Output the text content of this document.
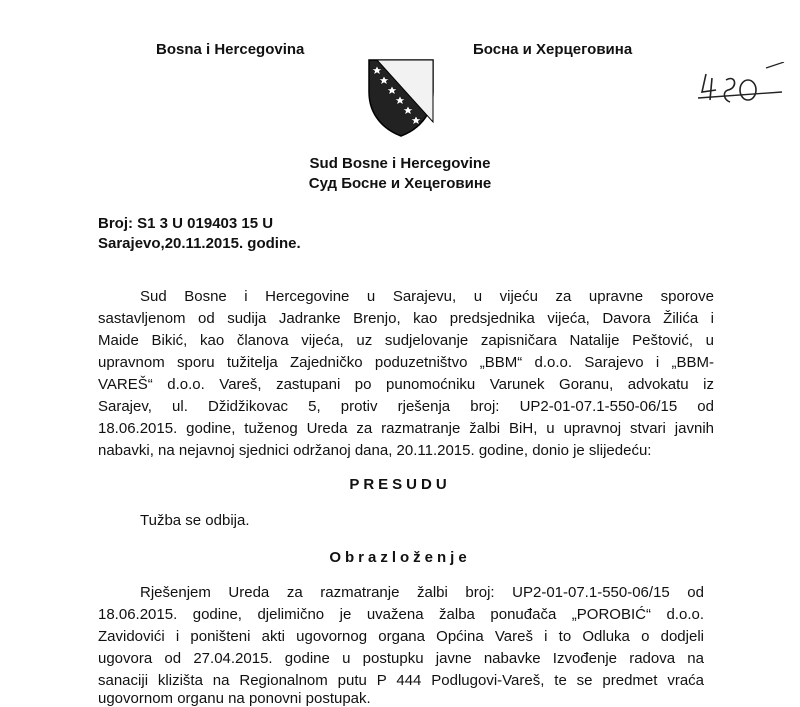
Bosna i Hercegovina	Босна и Херцеговина
Sud Bosne i Hercegovine
Суд Босне и Хецеговине
Broj: S1 3 U 019403 15 U
Sarajevo,20.11.2015. godine.
Sud Bosne i Hercegovine u Sarajevu, u vijeću za upravne sporove
sastavljenom od sudija Jadranke Brenjo, kao predsjednika vijeća, Davora Žilića i
Maide Bikić, kao članova vijeća, uz sudjelovanje zapisničara Natalije Peštović, u
upravnom sporu tužitelja Zajedničko poduzetništvo „BBM“ d.o.o. Sarajevo i „BBM-
VAREŠ“ d.o.o. Vareš, zastupani po punomoćniku Varunek Goranu, advokatu iz
Sarajev, ul. Džidžikovac 5, protiv rješenja broj: UP2-01-07.1-550-06/15 od
18.06.2015. godine, tuženog Ureda za razmatranje žalbi BiH, u upravnoj stvari javnih
nabavki, na nejavnoj sjednici održanoj dana, 20.11.2015. godine, donio je slijedeću:
PRESUDU
Tužba se odbija.
Obrazloženje
Rješenjem Ureda za razmatranje žalbi broj: UP2-01-07.1-550-06/15 od
18.06.2015. godine, djelimično je uvažena žalba ponuđača „POROBIĆ“ d.o.o.
Zavidovići i poništeni akti ugovornog organa Općina Vareš i to Odluka o dodjeli
ugovora od 27.04.2015. godine u postupku javne nabavke Izvođenje radova na
sanaciji klizišta na Regionalnom putu P 444 Podlugovi-Vareš, te se predmet vraća
ugovornom organu na ponovni postupak.
